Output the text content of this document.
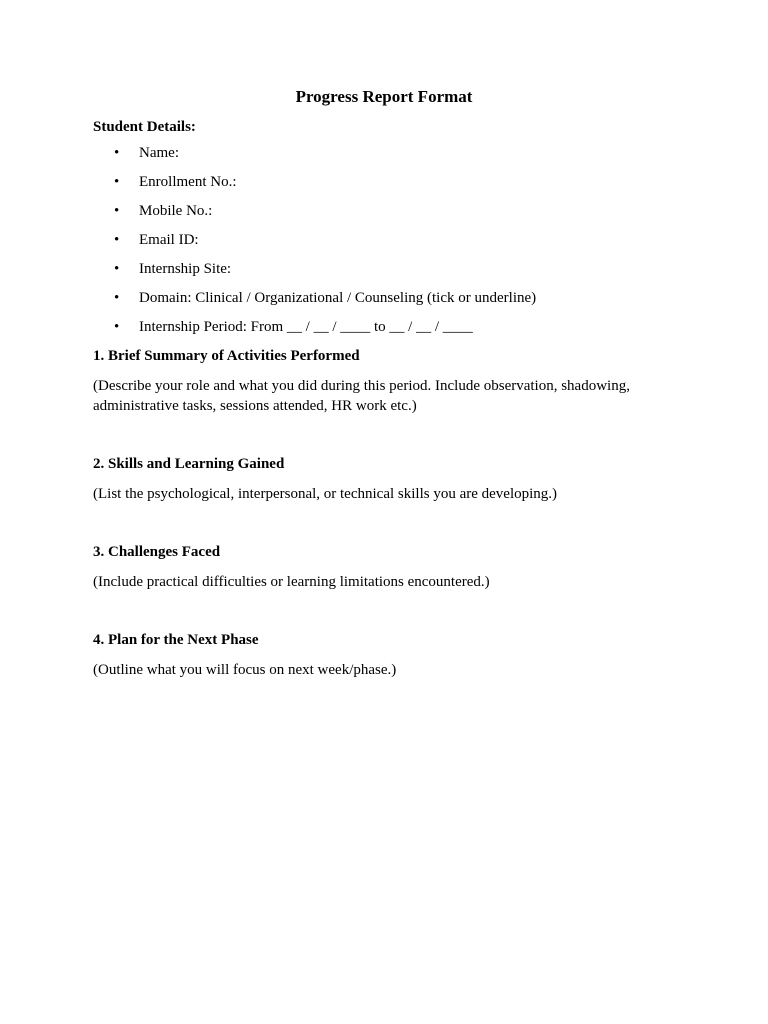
Progress Report Format
Student Details:
• Name:
• Enrollment No.:
• Mobile No.:
• Email ID:
• Internship Site:
• Domain: Clinical / Organizational / Counseling (tick or underline)
• Internship Period: From __ / __ / ____ to __ / __ / ____
1. Brief Summary of Activities Performed

(Describe your role and what you did during this period. Include observation, shadowing, administrative tasks, sessions attended, HR work etc.)

2. Skills and Learning Gained

(List the psychological, interpersonal, or technical skills you are developing.)

3. Challenges Faced

(Include practical difficulties or learning limitations encountered.)

4. Plan for the Next Phase

(Outline what you will focus on next week/phase.)
